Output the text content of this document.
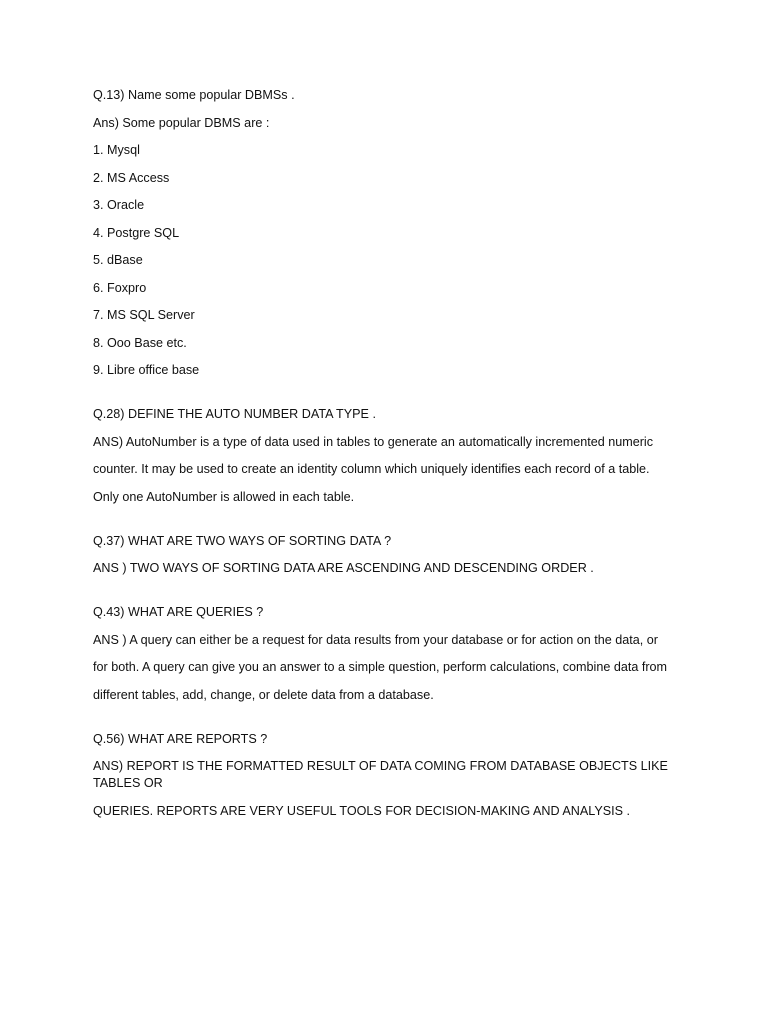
Q.13) Name some popular DBMSs .
Ans) Some popular DBMS are :
1. Mysql
2. MS Access
3. Oracle
4. Postgre SQL
5. dBase
6. Foxpro
7. MS SQL Server
8. Ooo Base etc.
9. Libre office base
Q.28) DEFINE THE AUTO NUMBER DATA TYPE .
ANS) AutoNumber is a type of data used in tables to generate an automatically incremented numeric
counter. It may be used to create an identity column which uniquely identifies each record of a table.
Only one AutoNumber is allowed in each table.
Q.37) WHAT ARE TWO WAYS OF SORTING DATA ?
ANS ) TWO WAYS OF SORTING DATA ARE ASCENDING AND DESCENDING ORDER .
Q.43) WHAT ARE QUERIES ?
ANS ) A query can either be a request for data results from your database or for action on the data, or
for both. A query can give you an answer to a simple question, perform calculations, combine data from
different tables, add, change, or delete data from a database.
Q.56) WHAT ARE REPORTS ?
ANS) REPORT IS THE FORMATTED RESULT OF DATA COMING FROM DATABASE OBJECTS LIKE TABLES OR
QUERIES. REPORTS ARE VERY USEFUL TOOLS FOR DECISION-MAKING AND ANALYSIS .
